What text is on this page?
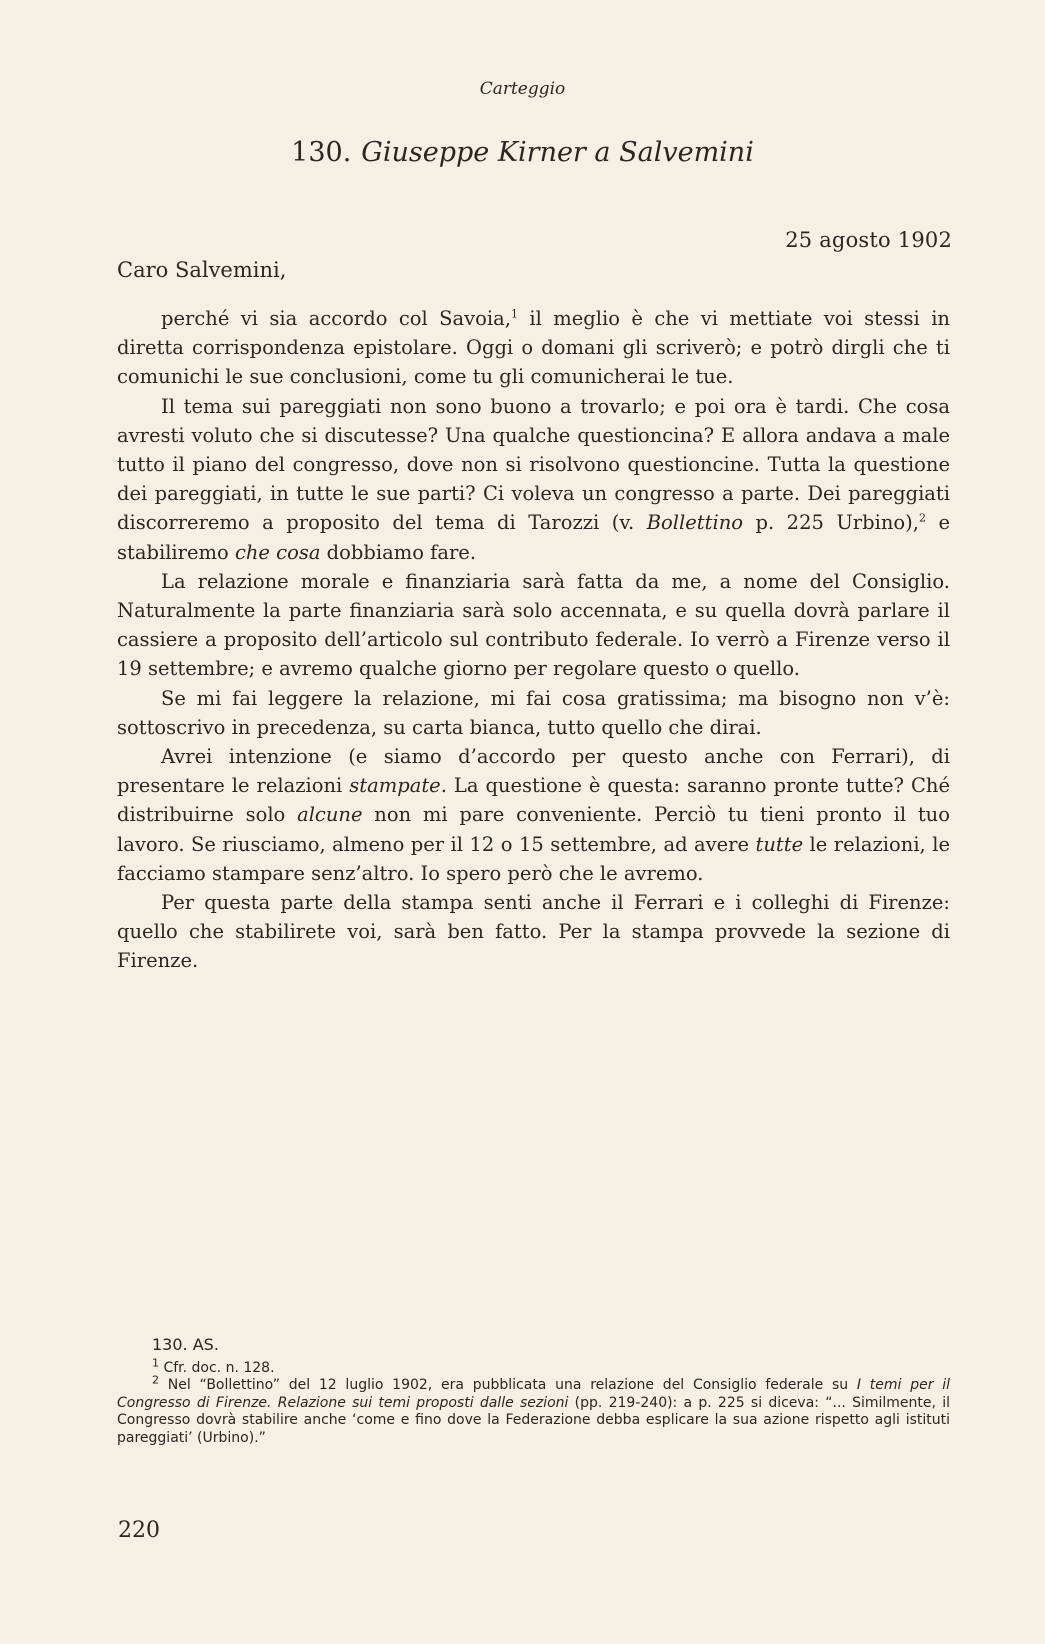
Carteggio
130. Giuseppe Kirner a Salvemini
25 agosto 1902
Caro Salvemini,

perché vi sia accordo col Savoia,$^1$ il meglio è che vi mettiate voi stessi in diretta corrispondenza epistolare. Oggi o domani gli scriverò; e potrò dirgli che ti comunichi le sue conclusioni, come tu gli comunicherai le tue.

Il tema sui pareggiati non sono buono a trovarlo; e poi ora è tardi. Che cosa avresti voluto che si discutesse? Una qualche questioncina? E allora andava a male tutto il piano del congresso, dove non si risolvono questioncine. Tutta la questione dei pareggiati, in tutte le sue parti? Ci voleva un congresso a parte. Dei pareggiati discorreremo a proposito del tema di Tarozzi (v. Bollettino p. 225 Urbino),$^2$ e stabiliremo che cosa dobbiamo fare.

La relazione morale e finanziaria sarà fatta da me, a nome del Consiglio. Naturalmente la parte finanziaria sarà solo accennata, e su quella dovrà parlare il cassiere a proposito dell’articolo sul contributo federale. Io verrò a Firenze verso il 19 settembre; e avremo qualche giorno per regolare questo o quello.

Se mi fai leggere la relazione, mi fai cosa gratissima; ma bisogno non v’è: sottoscrivo in precedenza, su carta bianca, tutto quello che dirai.

Avrei intenzione (e siamo d’accordo per questo anche con Ferrari), di presentare le relazioni stampate. La questione è questa: saranno pronte tutte? Ché distribuirne solo alcune non mi pare conveniente. Perciò tu tieni pronto il tuo lavoro. Se riusciamo, almeno per il 12 o 15 settembre, ad avere tutte le relazioni, le facciamo stampare senz’altro. Io spero però che le avremo.

Per questa parte della stampa senti anche il Ferrari e i colleghi di Firenze: quello che stabilirete voi, sarà ben fatto. Per la stampa provvede la sezione di Firenze.

130. AS.

$^1$ Cfr. doc. n. 128.

$^2$ Nel “Bollettino” del 12 luglio 1902, era pubblicata una relazione del Consiglio federale su I temi per il Congresso di Firenze. Relazione sui temi proposti dalle sezioni (pp. 219-240): a p. 225 si diceva: “... Similmente, il Congresso dovrà stabilire anche ‘come e fino dove la Federazione debba esplicare la sua azione rispetto agli istituti pareggiati’ (Urbino).”

220
